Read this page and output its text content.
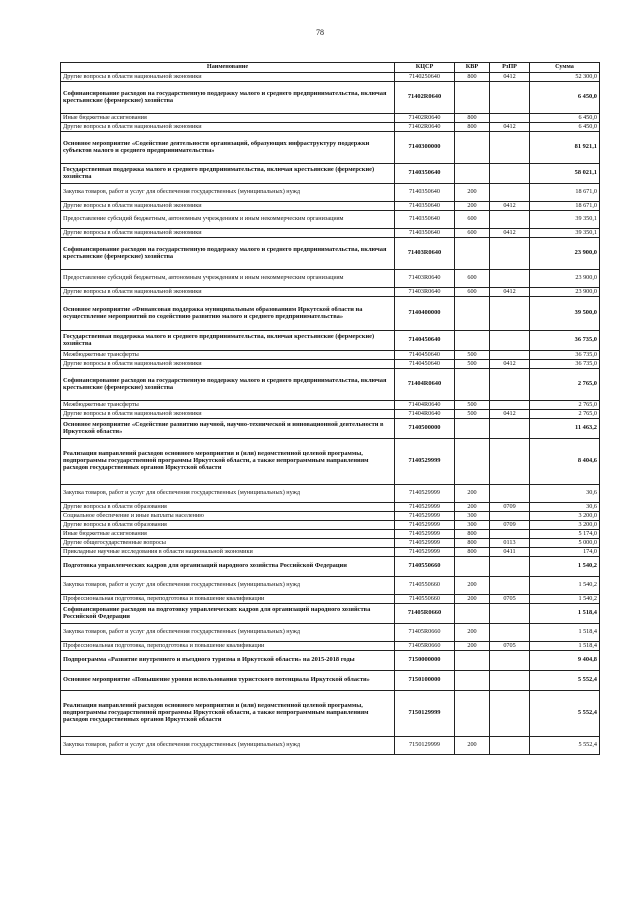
78
Наименование	КЦСР	КВР	РзПР	Сумма
Другие вопросы в области национальной экономики	7140250640	800	0412	52 300,0
Софинансирование расходов на государственную поддержку малого и среднего предпринимательства, включая крестьянские (фермерские) хозяйства	71402R0640			6 450,0
Иные бюджетные ассигнования	71402R0640	800		6 450,0
Другие вопросы в области национальной экономики	71402R0640	800	0412	6 450,0
Основное мероприятие «Содействие деятельности организаций, образующих инфраструктуру поддержки субъектов малого и среднего предпринимательства»	7140300000			81 921,1
Государственная поддержка малого и среднего предпринимательства, включая крестьянские (фермерские) хозяйства	7140350640			58 021,1
Закупка товаров, работ и услуг для обеспечения государственных (муниципальных) нужд	7140350640	200		18 671,0
Другие вопросы в области национальной экономики	7140350640	200	0412	18 671,0
Предоставление субсидий бюджетным, автономным учреждениям и иным некоммерческим организациям	7140350640	600		39 350,1
Другие вопросы в области национальной экономики	7140350640	600	0412	39 350,1
Софинансирование расходов на государственную поддержку малого и среднего предпринимательства, включая крестьянские (фермерские) хозяйства	71403R0640			23 900,0
Предоставление субсидий бюджетным, автономным учреждениям и иным некоммерческим организациям	71403R0640	600		23 900,0
Другие вопросы в области национальной экономики	71403R0640	600	0412	23 900,0
Основное мероприятие «Финансовая поддержка муниципальным образованиям Иркутской области на осуществление мероприятий по содействию развитию малого и среднего предпринимательства»	7140400000			39 500,0
Государственная поддержка малого и среднего предпринимательства, включая крестьянские (фермерские) хозяйства	7140450640			36 735,0
Межбюджетные трансферты	7140450640	500		36 735,0
Другие вопросы в области национальной экономики	7140450640	500	0412	36 735,0
Софинансирование расходов на государственную поддержку малого и среднего предпринимательства, включая крестьянские (фермерские) хозяйства	71404R0640			2 765,0
Межбюджетные трансферты	71404R0640	500		2 765,0
Другие вопросы в области национальной экономики	71404R0640	500	0412	2 765,0
Основное мероприятие «Содействие развитию научной, научно-технической и инновационной деятельности в Иркутской области»	7140500000			11 463,2
Реализация направлений расходов основного мероприятия и (или) ведомственной целевой программы, подпрограммы государственной программы Иркутской области, а также непрограммным направлениям расходов государственных органов Иркутской области	7140529999			8 404,6
Закупка товаров, работ и услуг для обеспечения государственных (муниципальных) нужд	7140529999	200		30,6
Другие вопросы в области образования	7140529999	200	0709	30,6
Социальное обеспечение и иные выплаты населению	7140529999	300		3 200,0
Другие вопросы в области образования	7140529999	300	0709	3 200,0
Иные бюджетные ассигнования	7140529999	800		5 174,0
Другие общегосударственные вопросы	7140529999	800	0113	5 000,0
Прикладные научные исследования в области национальной экономики	7140529999	800	0411	174,0
Подготовка управленческих кадров для организаций народного хозяйства Российской Федерации	7140550660			1 540,2
Закупка товаров, работ и услуг для обеспечения государственных (муниципальных) нужд	7140550660	200		1 540,2
Профессиональная подготовка, переподготовка и повышение квалификации	7140550660	200	0705	1 540,2
Софинансирование расходов на подготовку управленческих кадров для организаций народного хозяйства Российской Федерации	71405R0660			1 518,4
Закупка товаров, работ и услуг для обеспечения государственных (муниципальных) нужд	71405R0660	200		1 518,4
Профессиональная подготовка, переподготовка и повышение квалификации	71405R0660	200	0705	1 518,4
Подпрограмма «Развитие внутреннего и въездного туризма в Иркутской области» на 2015-2018 годы	7150000000			9 404,8
Основное мероприятие «Повышение уровня использования туристского потенциала Иркутской области»	7150100000			5 552,4
Реализация направлений расходов основного мероприятия и (или) ведомственной целевой программы, подпрограммы государственной программы Иркутской области, а также непрограммным направлениям расходов государственных органов Иркутской области	7150129999			5 552,4
Закупка товаров, работ и услуг для обеспечения государственных (муниципальных) нужд	7150129999	200		5 552,4
